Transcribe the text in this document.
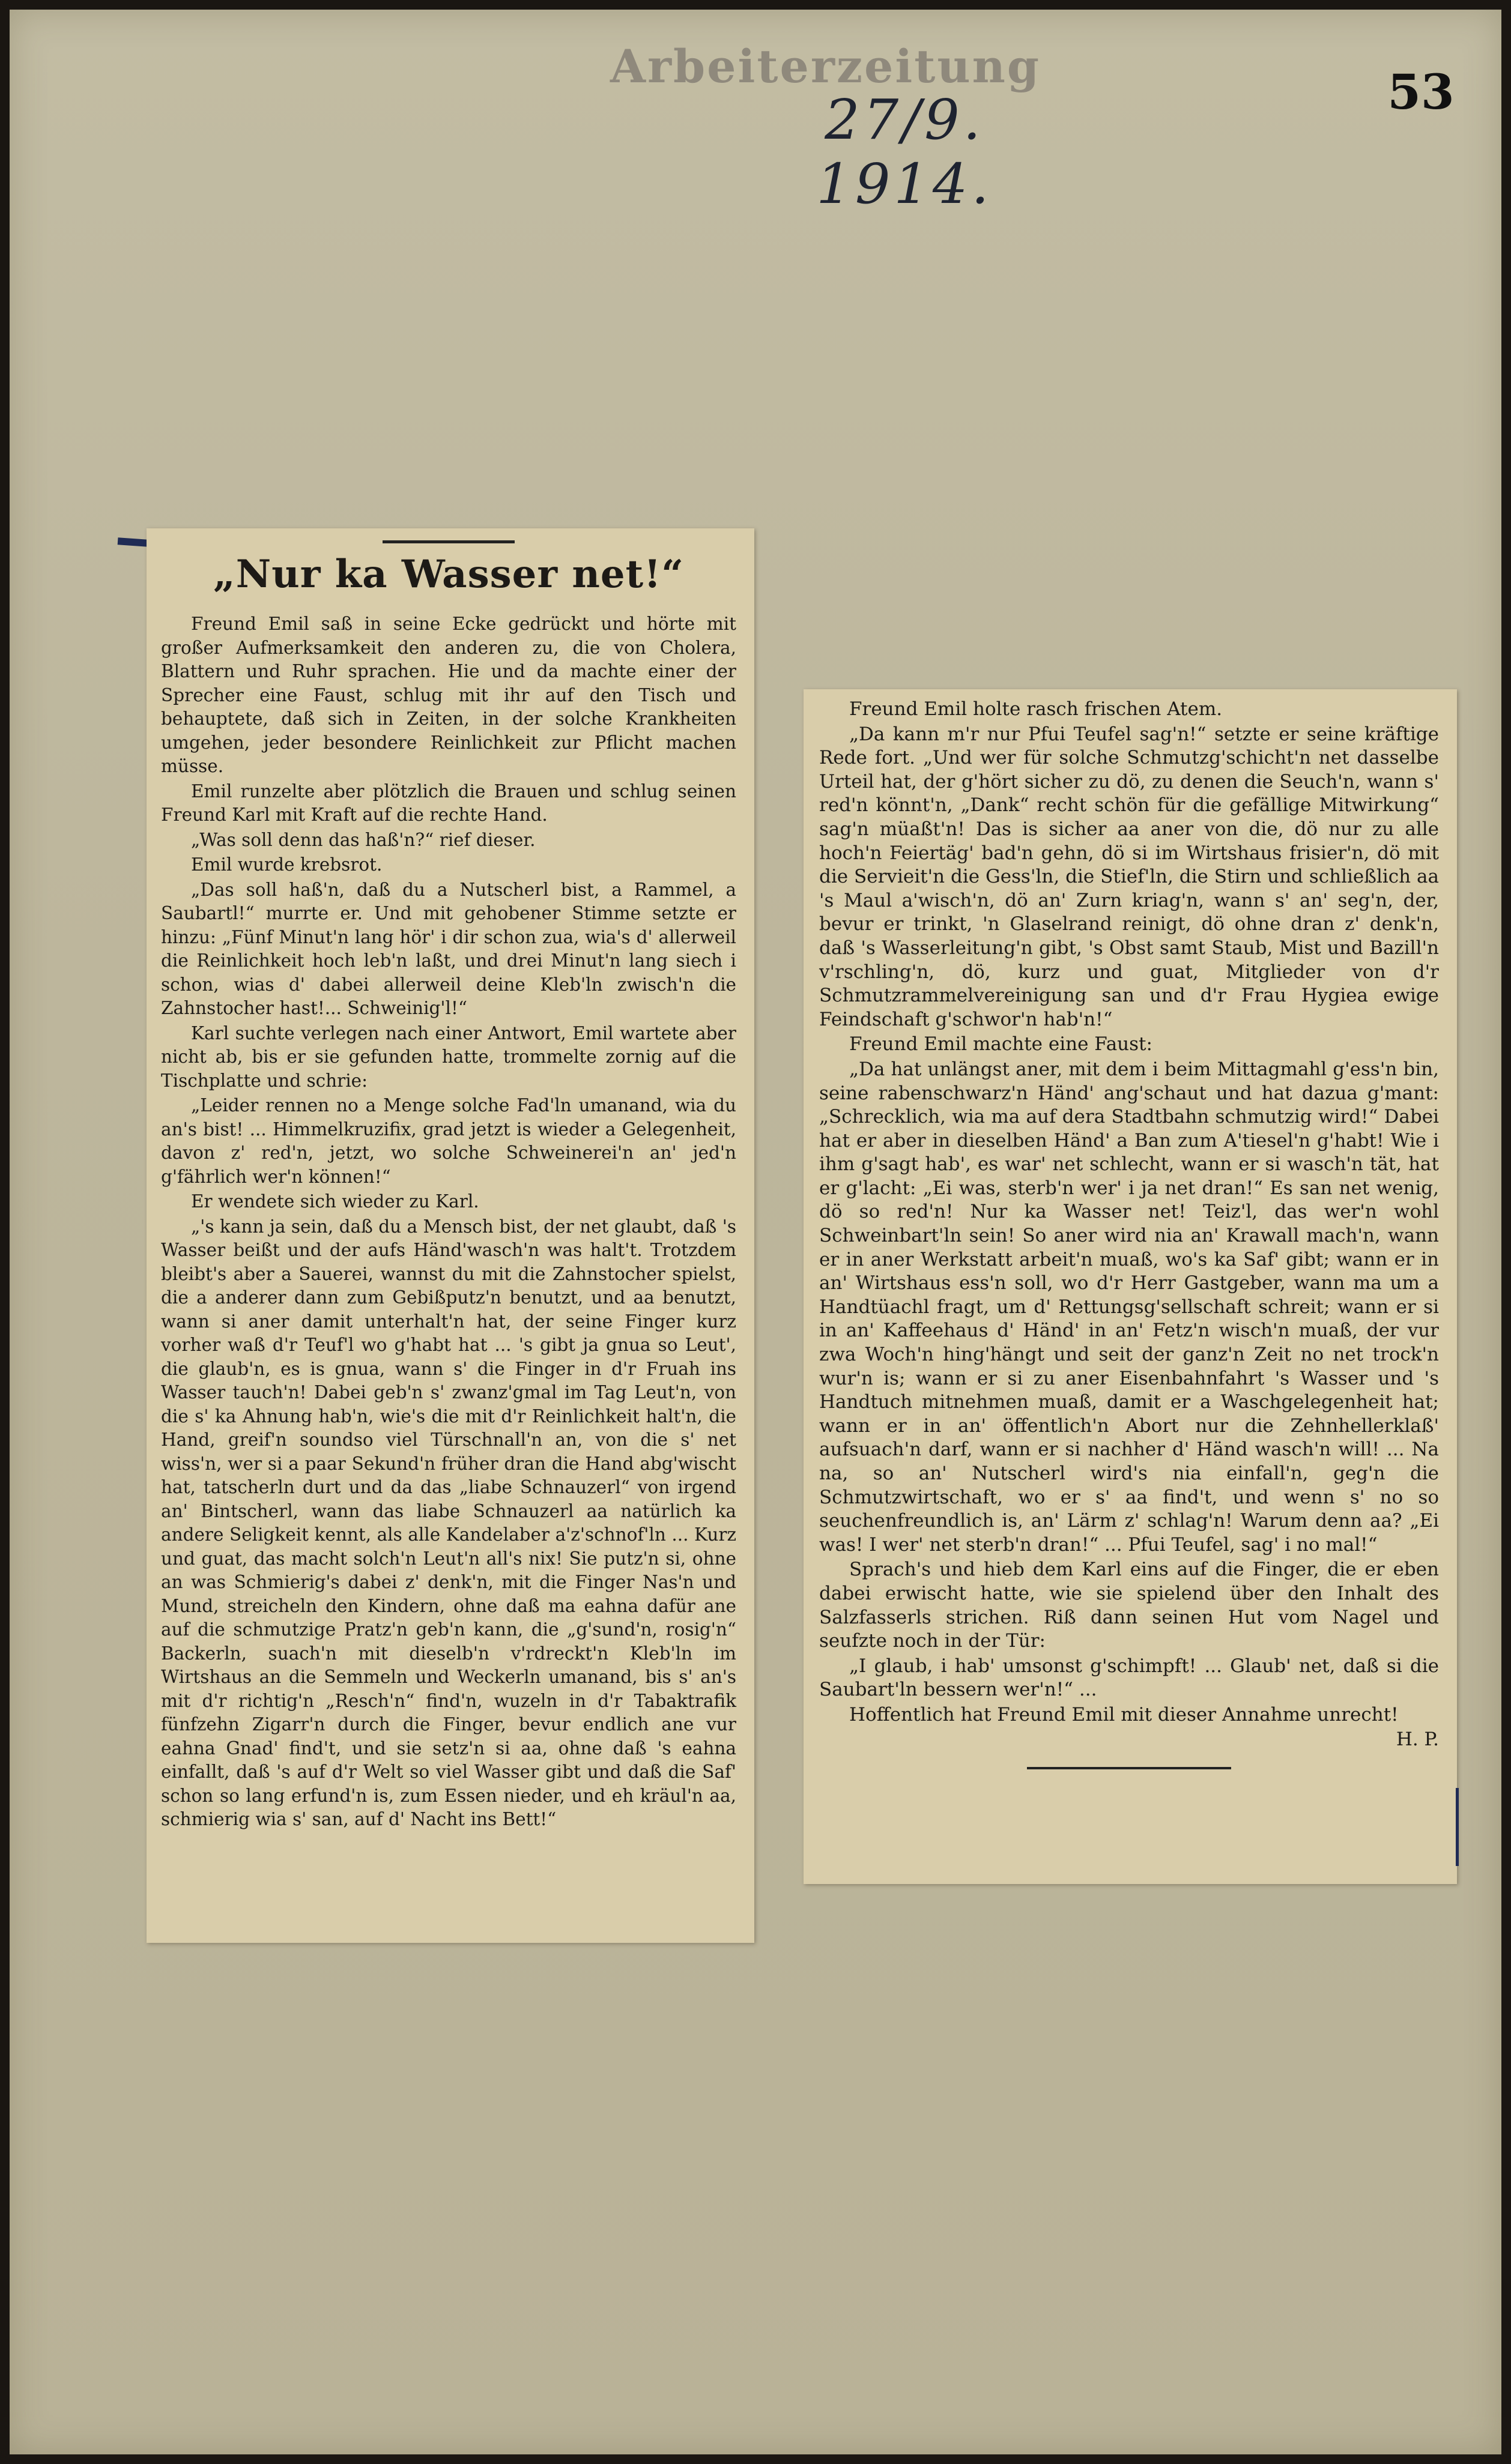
Arbeiterzeitung
27/9. 1914.
53
„Nur ka Wasser net!“

Freund Emil saß in seine Ecke gedrückt und hörte mit großer Aufmerksamkeit den anderen zu, die von Cholera, Blattern und Ruhr sprachen. Hie und da machte einer der Sprecher eine Faust, schlug mit ihr auf den Tisch und behauptete, daß sich in Zeiten, in der solche Krankheiten umgehen, jeder besondere Reinlichkeit zur Pflicht machen müsse.

Emil runzelte aber plötzlich die Brauen und schlug seinen Freund Karl mit Kraft auf die rechte Hand.

„Was soll denn das haß'n?“ rief dieser.

Emil wurde krebsrot.

„Das soll haß'n, daß du a Nutscherl bist, a Rammel, a Saubartl!“ murrte er. Und mit gehobener Stimme setzte er hinzu: „Fünf Minut'n lang hör' i dir schon zua, wia's d' allerweil die Reinlichkeit hoch leb'n laßt, und drei Minut'n lang siech i schon, wias d' dabei allerweil deine Kleb'ln zwisch'n die Zahnstocher hast!... Schweinig'l!“

Karl suchte verlegen nach einer Antwort, Emil wartete aber nicht ab, bis er sie gefunden hatte, trommelte zornig auf die Tischplatte und schrie:

„Leider rennen no a Menge solche Fad'ln umanand, wia du an's bist! ... Himmelkruzifix, grad jetzt is wieder a Gelegenheit, davon z' red'n, jetzt, wo solche Schweinerei'n an' jed'n g'fährlich wer'n können!“

Er wendete sich wieder zu Karl.

„'s kann ja sein, daß du a Mensch bist, der net glaubt, daß 's Wasser beißt und der aufs Händ'wasch'n was halt't. Trotzdem bleibt's aber a Sauerei, wannst du mit die Zahnstocher spielst, die a anderer dann zum Gebißputz'n benutzt, und aa benutzt, wann si aner damit unterhalt'n hat, der seine Finger kurz vorher waß d'r Teuf'l wo g'habt hat ... 's gibt ja gnua so Leut', die glaub'n, es is gnua, wann s' die Finger in d'r Fruah ins Wasser tauch'n! Dabei geb'n s' zwanz'gmal im Tag Leut'n, von die s' ka Ahnung hab'n, wie's die mit d'r Reinlichkeit halt'n, die Hand, greif'n soundso viel Türschnall'n an, von die s' net wiss'n, wer si a paar Sekund'n früher dran die Hand abg'wischt hat, tatscherln durt und da das „liabe Schnauzerl“ von irgend an' Bintscherl, wann das liabe Schnauzerl aa natürlich ka andere Seligkeit kennt, als alle Kandelaber a'z'schnof'ln ... Kurz und guat, das macht solch'n Leut'n all's nix! Sie putz'n si, ohne an was Schmierig's dabei z' denk'n, mit die Finger Nas'n und Mund, streicheln den Kindern, ohne daß ma eahna dafür ane auf die schmutzige Pratz'n geb'n kann, die „g'sund'n, rosig'n“ Backerln, suach'n mit dieselb'n v'rdreckt'n Kleb'ln im Wirtshaus an die Semmeln und Weckerln umanand, bis s' an's mit d'r richtig'n „Resch'n“ find'n, wuzeln in d'r Tabaktrafik fünfzehn Zigarr'n durch die Finger, bevur endlich ane vur eahna Gnad' find't, und sie setz'n si aa, ohne daß 's eahna einfallt, daß 's auf d'r Welt so viel Wasser gibt und daß die Saf' schon so lang erfund'n is, zum Essen nieder, und eh kräul'n aa, schmierig wia s' san, auf d' Nacht ins Bett!“

Freund Emil holte rasch frischen Atem.

„Da kann m'r nur Pfui Teufel sag'n!“ setzte er seine kräftige Rede fort. „Und wer für solche Schmutzg'schicht'n net dasselbe Urteil hat, der g'hört sicher zu dö, zu denen die Seuch'n, wann s' red'n könnt'n, „Dank“ recht schön für die gefällige Mitwirkung“ sag'n müaßt'n! Das is sicher aa aner von die, dö nur zu alle hoch'n Feiertäg' bad'n gehn, dö si im Wirtshaus frisier'n, dö mit die Servieit'n die Gess'ln, die Stief'ln, die Stirn und schließlich aa 's Maul a'wisch'n, dö an' Zurn kriag'n, wann s' an' seg'n, der, bevur er trinkt, 'n Glaselrand reinigt, dö ohne dran z' denk'n, daß 's Wasserleitung'n gibt, 's Obst samt Staub, Mist und Bazill'n v'rschling'n, dö, kurz und guat, Mitglieder von d'r Schmutzrammelvereinigung san und d'r Frau Hygiea ewige Feindschaft g'schwor'n hab'n!“

Freund Emil machte eine Faust:

„Da hat unlängst aner, mit dem i beim Mittagmahl g'ess'n bin, seine rabenschwarz'n Händ' ang'schaut und hat dazua g'mant: „Schrecklich, wia ma auf dera Stadtbahn schmutzig wird!“ Dabei hat er aber in dieselben Händ' a Ban zum A'tiesel'n g'habt! Wie i ihm g'sagt hab', es war' net schlecht, wann er si wasch'n tät, hat er g'lacht: „Ei was, sterb'n wer' i ja net dran!“ Es san net wenig, dö so red'n! Nur ka Wasser net! Teiz'l, das wer'n wohl Schweinbart'ln sein! So aner wird nia an' Krawall mach'n, wann er in aner Werkstatt arbeit'n muaß, wo's ka Saf' gibt; wann er in an' Wirtshaus ess'n soll, wo d'r Herr Gastgeber, wann ma um a Handtüachl fragt, um d' Rettungsg'sellschaft schreit; wann er si in an' Kaffeehaus d' Händ' in an' Fetz'n wisch'n muaß, der vur zwa Woch'n hing'hängt und seit der ganz'n Zeit no net trock'n wur'n is; wann er si zu aner Eisenbahnfahrt 's Wasser und 's Handtuch mitnehmen muaß, damit er a Waschgelegenheit hat; wann er in an' öffentlich'n Abort nur die Zehnhellerklaß' aufsuach'n darf, wann er si nachher d' Händ wasch'n will! ... Na na, so an' Nutscherl wird's nia einfall'n, geg'n die Schmutzwirtschaft, wo er s' aa find't, und wenn s' no so seuchenfreundlich is, an' Lärm z' schlag'n! Warum denn aa? „Ei was! I wer' net sterb'n dran!“ ... Pfui Teufel, sag' i no mal!“

Sprach's und hieb dem Karl eins auf die Finger, die er eben dabei erwischt hatte, wie sie spielend über den Inhalt des Salzfasserls strichen. Riß dann seinen Hut vom Nagel und seufzte noch in der Tür:

„I glaub, i hab' umsonst g'schimpft! ... Glaub' net, daß si die Saubart'ln bessern wer'n!“ ...

Hoffentlich hat Freund Emil mit dieser Annahme unrecht!

H. P.
